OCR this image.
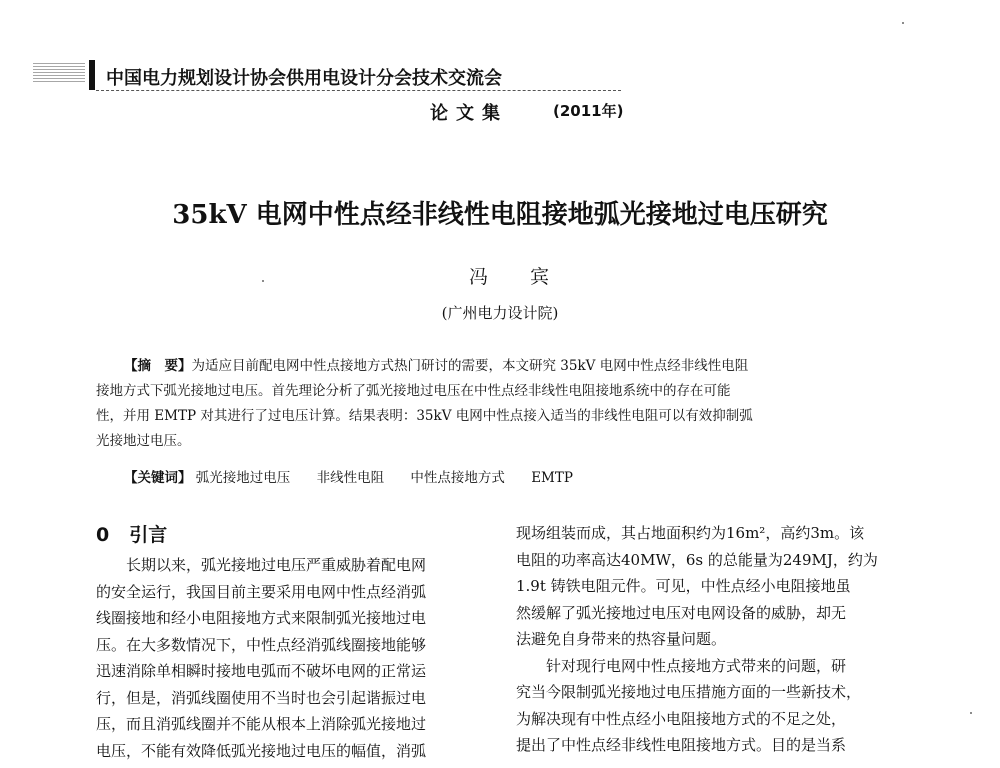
中国电力规划设计协会供用电设计分会技术交流会
论文集	(2011年)
35kV 电网中性点经非线性电阻接地弧光接地过电压研究
冯 宾
(广州电力设计院)
【摘　要】为适应目前配电网中性点接地方式热门研讨的需要，本文研究 35kV 电网中性点经非线性电阻
接地方式下弧光接地过电压。首先理论分析了弧光接地过电压在中性点经非线性电阻接地系统中的存在可能
性，并用 EMTP 对其进行了过电压计算。结果表明：35kV 电网中性点接入适当的非线性电阻可以有效抑制弧
光接地过电压。
【关键词】 弧光接地过电压 非线性电阻 中性点接地方式 EMTP
0 引言
长期以来，弧光接地过电压严重威胁着配电网
的安全运行，我国目前主要采用电网中性点经消弧
线圈接地和经小电阻接地方式来限制弧光接地过电
压。在大多数情况下，中性点经消弧线圈接地能够
迅速消除单相瞬时接地电弧而不破坏电网的正常运
行，但是，消弧线圈使用不当时也会引起谐振过电
压，而且消弧线圈并不能从根本上消除弧光接地过
电压，不能有效降低弧光接地过电压的幅值，消弧
现场组装而成，其占地面积约为16m²，高约3m。该
电阻的功率高达40MW，6s 的总能量为249MJ，约为
1.9t 铸铁电阻元件。可见，中性点经小电阻接地虽
然缓解了弧光接地过电压对电网设备的威胁，却无
法避免自身带来的热容量问题。
针对现行电网中性点接地方式带来的问题，研
究当今限制弧光接地过电压措施方面的一些新技术，
为解决现有中性点经小电阻接地方式的不足之处，
提出了中性点经非线性电阻接地方式。目的是当系
